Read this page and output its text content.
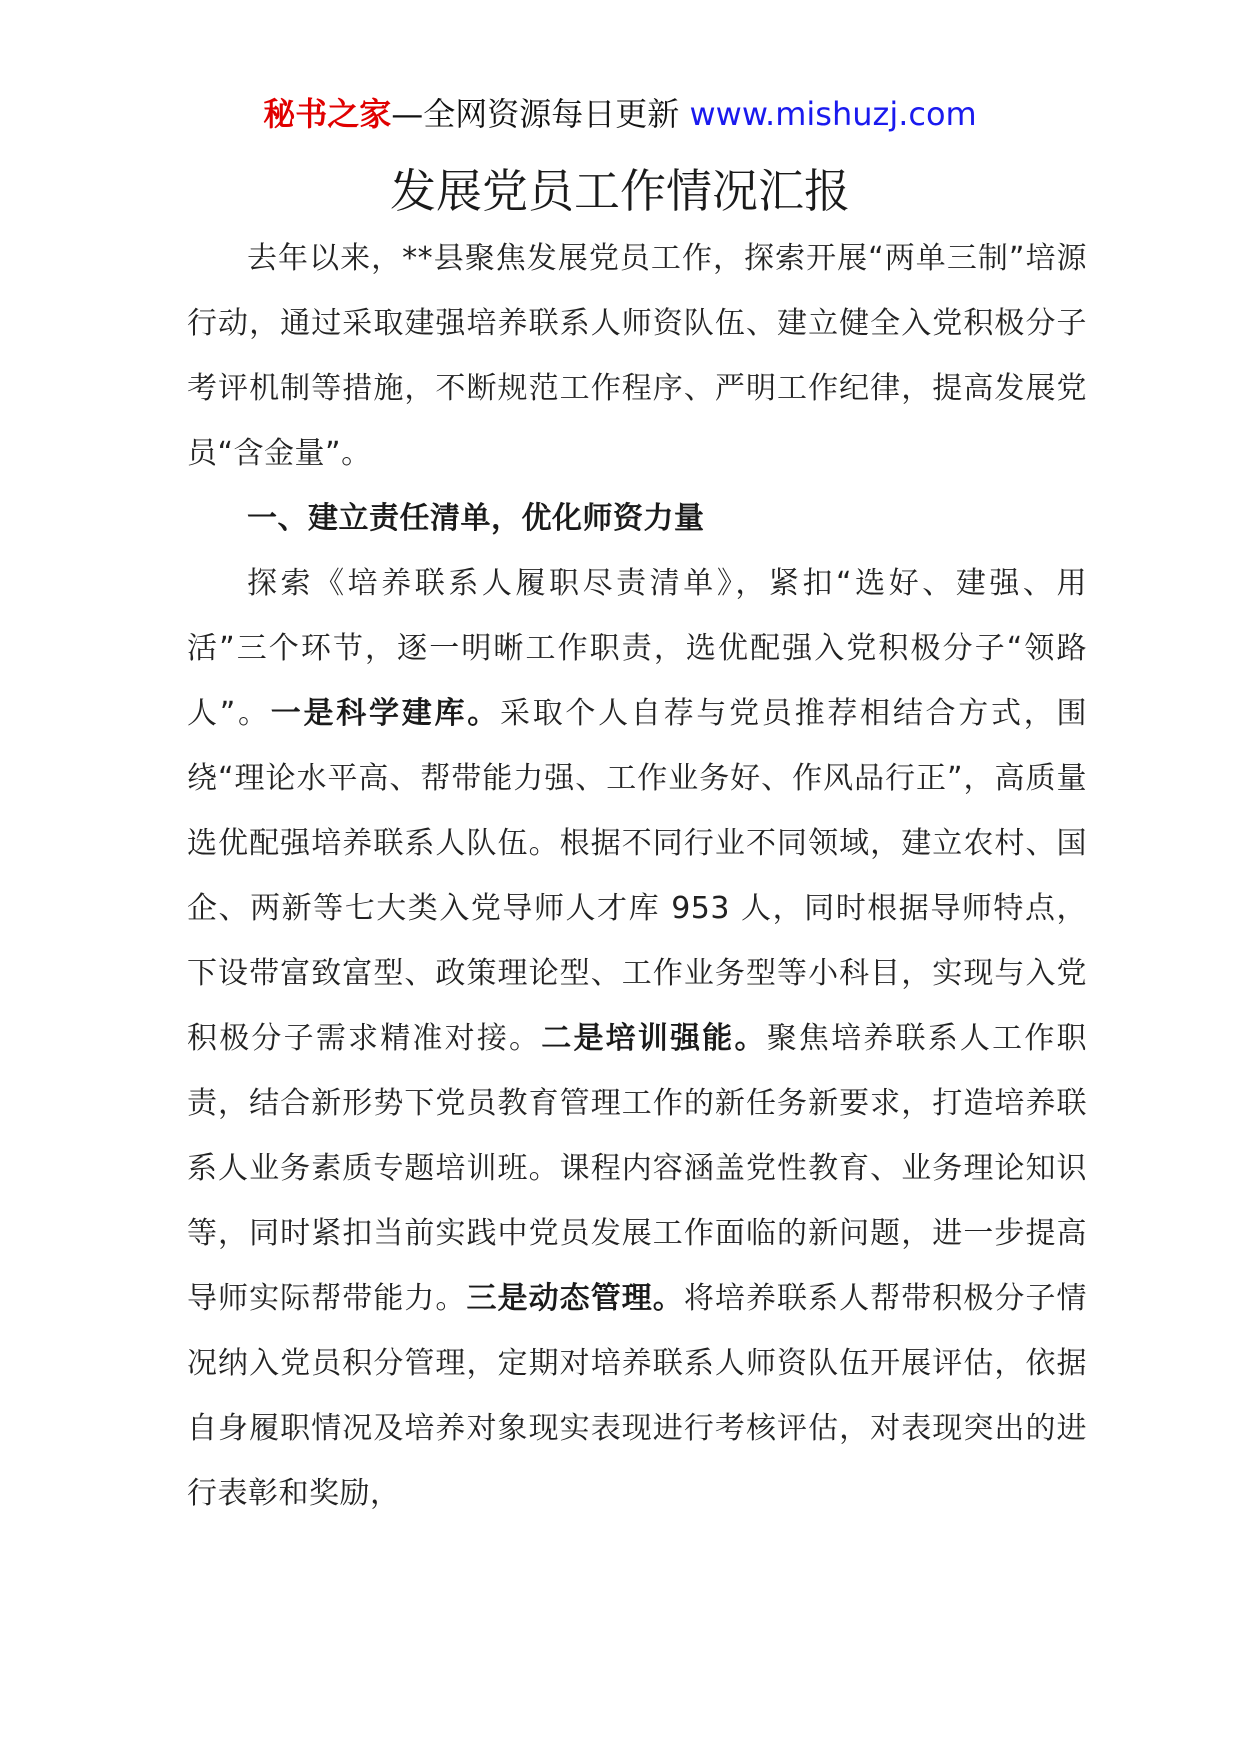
秘书之家—全网资源每日更新 www.mishuzj.com
发展党员工作情况汇报

去年以来，**县聚焦发展党员工作，探索开展“两单三制”培源行动，通过采取建强培养联系人师资队伍、建立健全入党积极分子考评机制等措施，不断规范工作程序、严明工作纪律，提高发展党员“含金量”。

一、建立责任清单，优化师资力量

探索《培养联系人履职尽责清单》，紧扣“选好、建强、用活”三个环节，逐一明晰工作职责，选优配强入党积极分子“领路人”。一是科学建库。采取个人自荐与党员推荐相结合方式，围绕“理论水平高、帮带能力强、工作业务好、作风品行正”，高质量选优配强培养联系人队伍。根据不同行业不同领域，建立农村、国企、两新等七大类入党导师人才库 953 人，同时根据导师特点，下设带富致富型、政策理论型、工作业务型等小科目，实现与入党积极分子需求精准对接。二是培训强能。聚焦培养联系人工作职责，结合新形势下党员教育管理工作的新任务新要求，打造培养联系人业务素质专题培训班。课程内容涵盖党性教育、业务理论知识等，同时紧扣当前实践中党员发展工作面临的新问题，进一步提高导师实际帮带能力。三是动态管理。将培养联系人帮带积极分子情况纳入党员积分管理，定期对培养联系人师资队伍开展评估，依据自身履职情况及培养对象现实表现进行考核评估，对表现突出的进行表彰和奖励，
